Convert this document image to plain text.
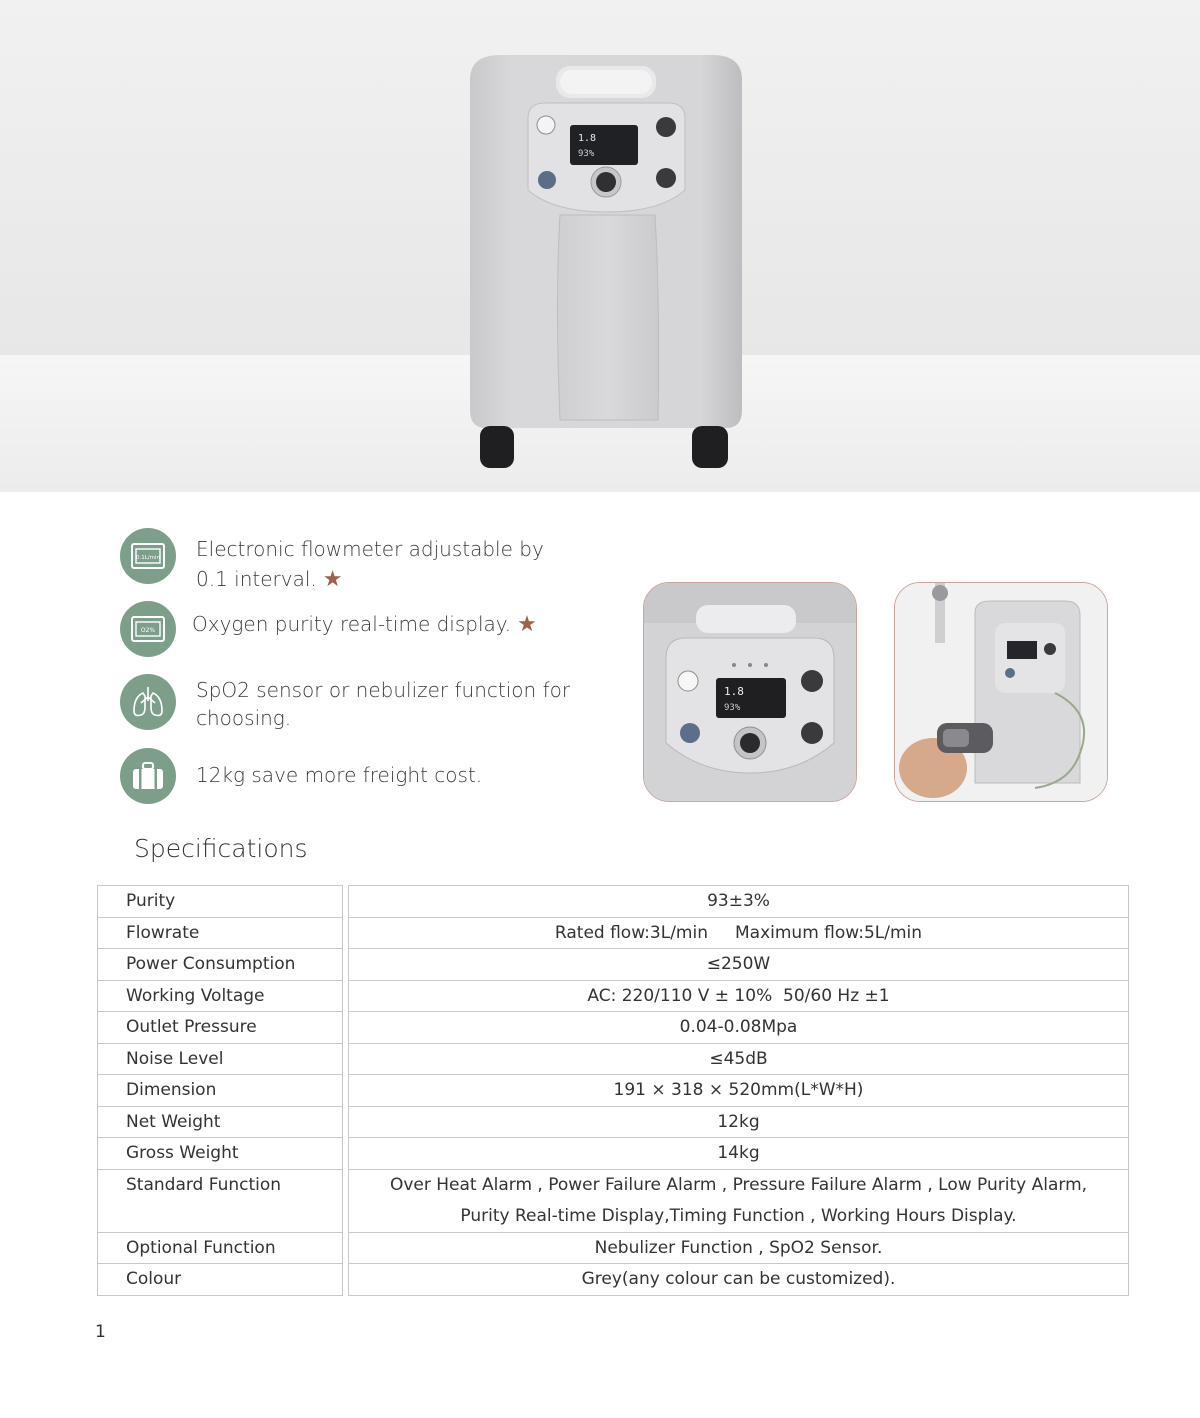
1.8
93%
0.1L/min Electronic flowmeter adjustable by
0.1 interval. ★
O2% Oxygen purity real-time display. ★
SpO2 sensor or nebulizer function for
choosing.
12kg save more freight cost.
1.8
93%
Specifications
Purity		93±3%
Flowrate		Rated flow:3L/min     Maximum flow:5L/min
Power Consumption		≤250W
Working Voltage		AC: 220/110 V ± 10%  50/60 Hz ±1
Outlet Pressure		0.04-0.08Mpa
Noise Level		≤45dB
Dimension		191 × 318 × 520mm(L*W*H)
Net Weight		12kg
Gross Weight		14kg
Standard Function		Over Heat Alarm , Power Failure Alarm , Pressure Failure Alarm , Low Purity Alarm,
Purity Real-time Display,Timing Function , Working Hours Display.
Optional Function		Nebulizer Function , SpO2 Sensor.
Colour		Grey(any colour can be customized).
1
